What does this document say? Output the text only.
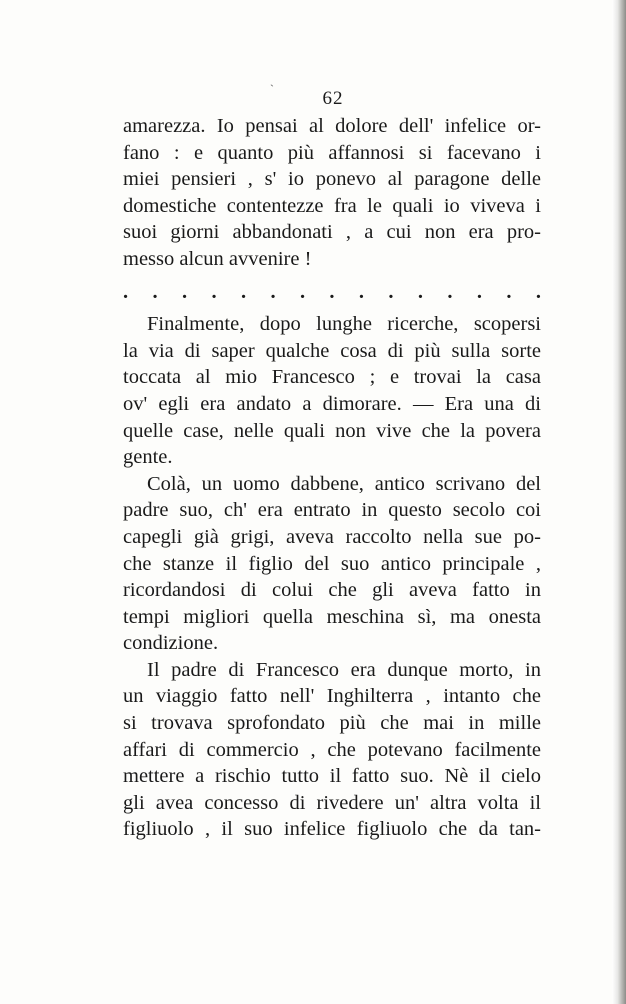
`	62
amarezza. Io pensai al dolore dell' infelice or-
fano : e quanto più affannosi si facevano i
miei pensieri , s' io ponevo al paragone delle
domestiche contentezze fra le quali io viveva i
suoi giorni abbandonati , a cui non era pro-
messo alcun avvenire !
. . . . . . . . . . . . . . .
Finalmente, dopo lunghe ricerche, scopersi
la via di saper qualche cosa di più sulla sorte
toccata al mio Francesco ; e trovai la casa
ov' egli era andato a dimorare. — Era una di
quelle case, nelle quali non vive che la povera
gente.
Colà, un uomo dabbene, antico scrivano del
padre suo, ch' era entrato in questo secolo coi
capegli già grigi, aveva raccolto nella sue po-
che stanze il figlio del suo antico principale ,
ricordandosi di colui che gli aveva fatto in
tempi migliori quella meschina sì, ma onesta
condizione.
Il padre di Francesco era dunque morto, in
un viaggio fatto nell' Inghilterra , intanto che
si trovava sprofondato più che mai in mille
affari di commercio , che potevano facilmente
mettere a rischio tutto il fatto suo. Nè il cielo
gli avea concesso di rivedere un' altra volta il
figliuolo , il suo infelice figliuolo che da tan-
